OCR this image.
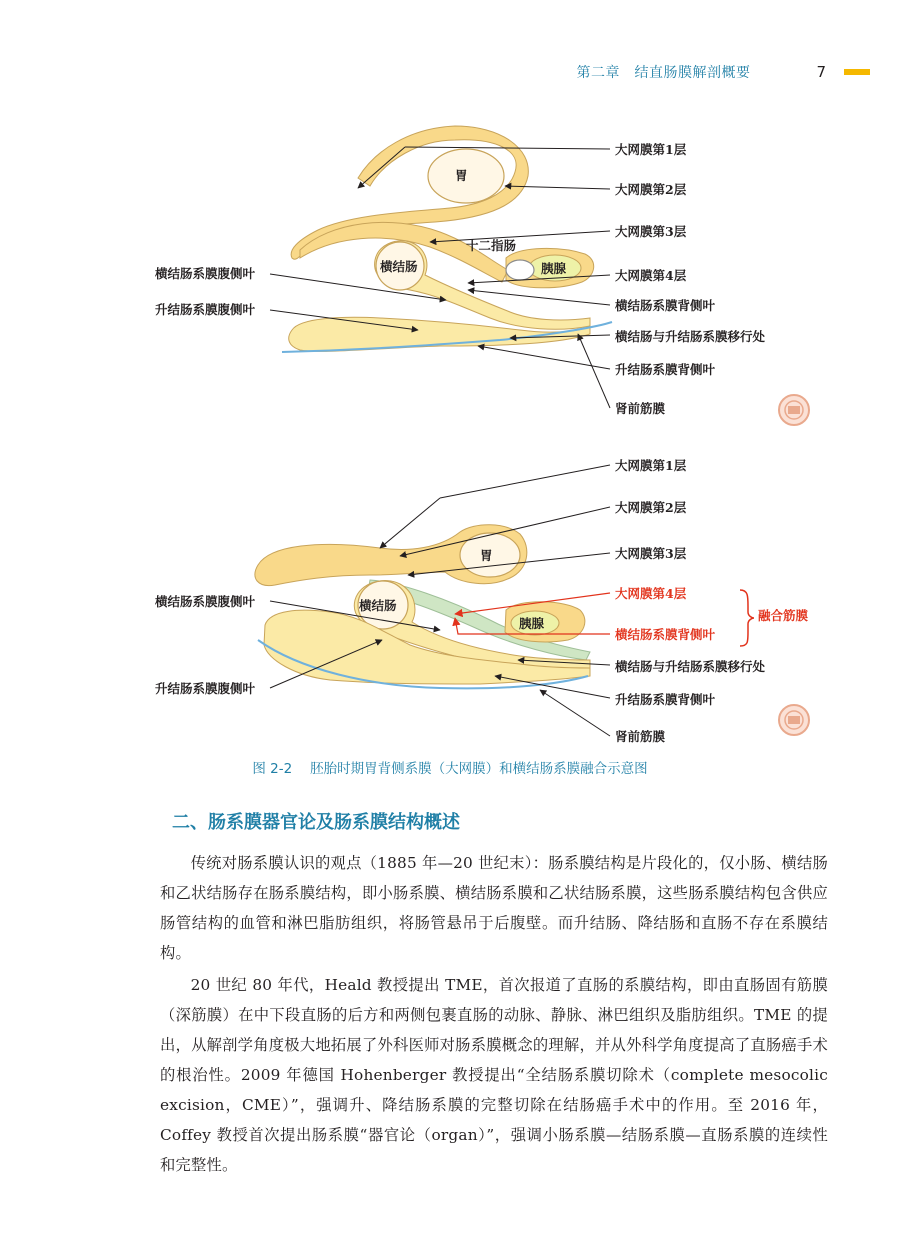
第二章　结直肠膜解剖概要	7
胃
十二指肠
胰腺
横结肠
大网膜第1层
大网膜第2层
大网膜第3层
大网膜第4层
横结肠系膜背侧叶
横结肠与升结肠系膜移行处
升结肠系膜背侧叶
肾前筋膜
横结肠系膜腹侧叶
升结肠系膜腹侧叶
胃
胰腺
横结肠
大网膜第1层
大网膜第2层
大网膜第3层
大网膜第4层
横结肠系膜背侧叶
融合筋膜
横结肠与升结肠系膜移行处
升结肠系膜背侧叶
肾前筋膜
横结肠系膜腹侧叶
升结肠系膜腹侧叶
图 2-2 胚胎时期胃背侧系膜（大网膜）和横结肠系膜融合示意图
二、肠系膜器官论及肠系膜结构概述

传统对肠系膜认识的观点（1885 年—20 世纪末）：肠系膜结构是片段化的，仅小肠、横结肠和乙状结肠存在肠系膜结构，即小肠系膜、横结肠系膜和乙状结肠系膜，这些肠系膜结构包含供应肠管结构的血管和淋巴脂肪组织，将肠管悬吊于后腹壁。而升结肠、降结肠和直肠不存在系膜结构。

20 世纪 80 年代，Heald 教授提出 TME，首次报道了直肠的系膜结构，即由直肠固有筋膜（深筋膜）在中下段直肠的后方和两侧包裹直肠的动脉、静脉、淋巴组织及脂肪组织。TME 的提出，从解剖学角度极大地拓展了外科医师对肠系膜概念的理解，并从外科学角度提高了直肠癌手术的根治性。2009 年德国 Hohenberger 教授提出“全结肠系膜切除术（complete mesocolic excision，CME）”，强调升、降结肠系膜的完整切除在结肠癌手术中的作用。至 2016 年，Coffey 教授首次提出肠系膜“器官论（organ）”，强调小肠系膜—结肠系膜—直肠系膜的连续性和完整性。
